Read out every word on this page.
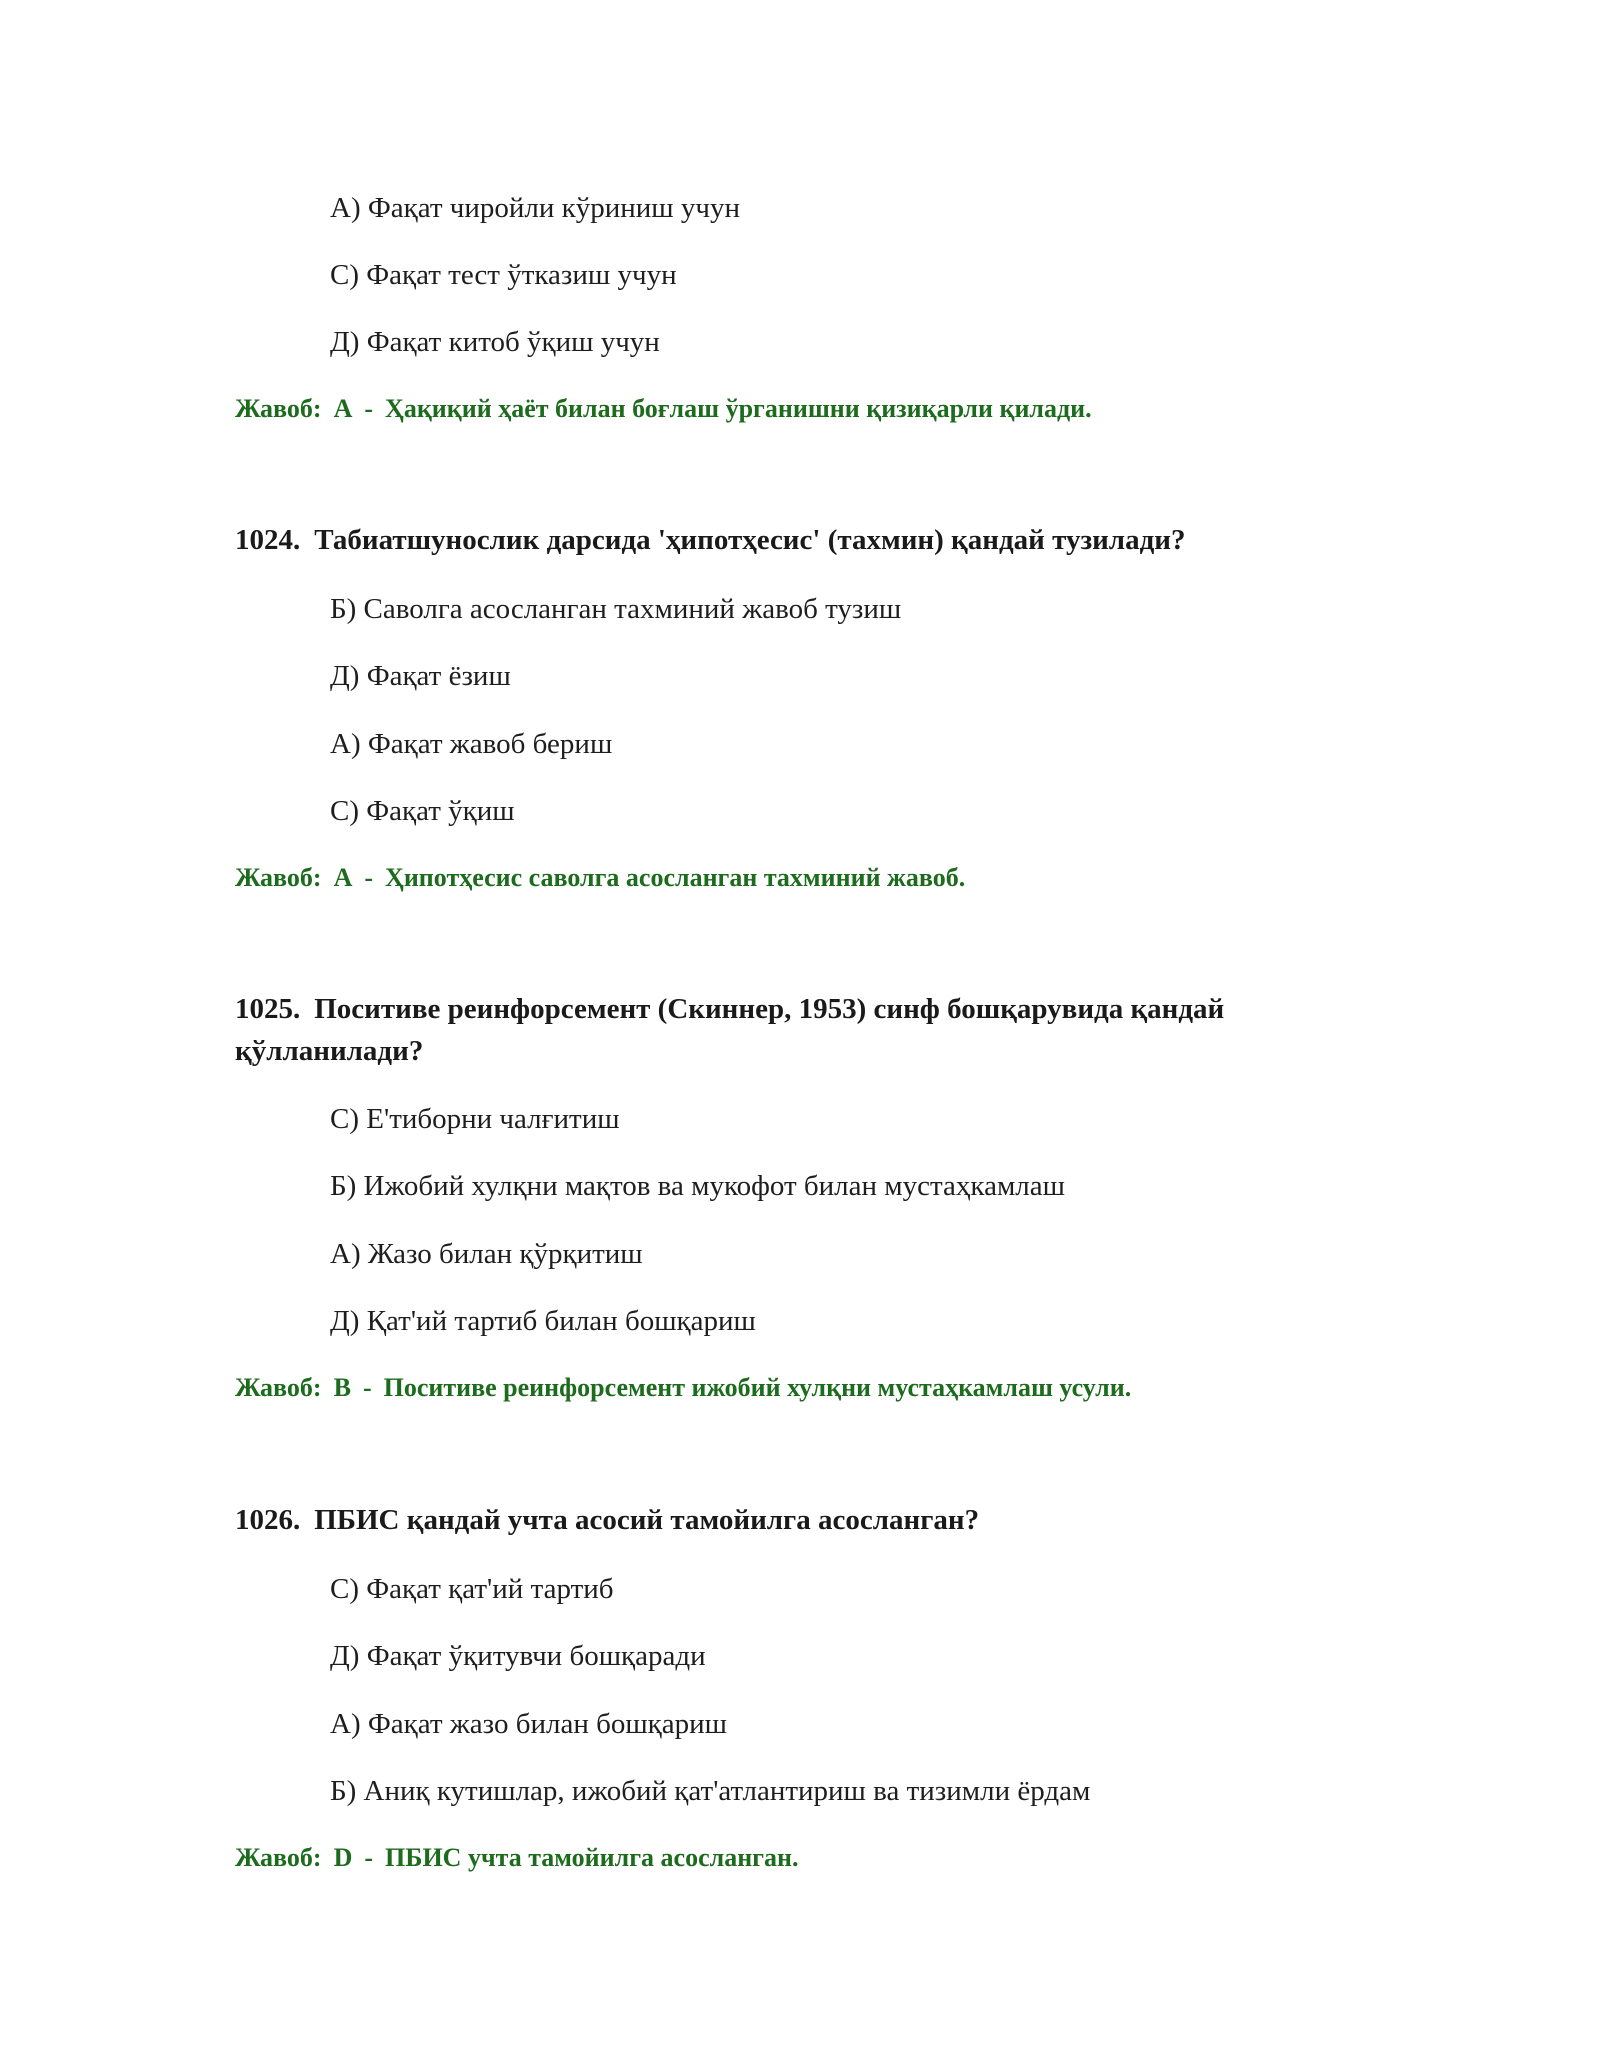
А) Фақат чиройли кўриниш учун
С) Фақат тест ўтказиш учун
Д) Фақат китоб ўқиш учун
Жавоб: A - Ҳақиқий ҳаёт билан боғлаш ўрганишни қизиқарли қилади.
1024. Табиатшунослик дарсида 'ҳипотҳесис' (тахмин) қандай тузилади?
Б) Саволга асосланган тахминий жавоб тузиш
Д) Фақат ёзиш
А) Фақат жавоб бериш
С) Фақат ўқиш
Жавоб: A - Ҳипотҳесис саволга асосланган тахминий жавоб.
1025. Поситиве реинфорсемент (Скиннер, 1953) синф бошқарувида қандай қўлланилади?
С) Е'тиборни чалғитиш
Б) Ижобий хулқни мақтов ва мукофот билан мустаҳкамлаш
А) Жазо билан қўрқитиш
Д) Қат'ий тартиб билан бошқариш
Жавоб: B - Поситиве реинфорсемент ижобий хулқни мустаҳкамлаш усули.
1026. ПБИС қандай учта асосий тамойилга асосланган?
С) Фақат қат'ий тартиб
Д) Фақат ўқитувчи бошқаради
А) Фақат жазо билан бошқариш
Б) Аниқ кутишлар, ижобий қат'атлантириш ва тизимли ёрдам
Жавоб: D - ПБИС учта тамойилга асосланган.
